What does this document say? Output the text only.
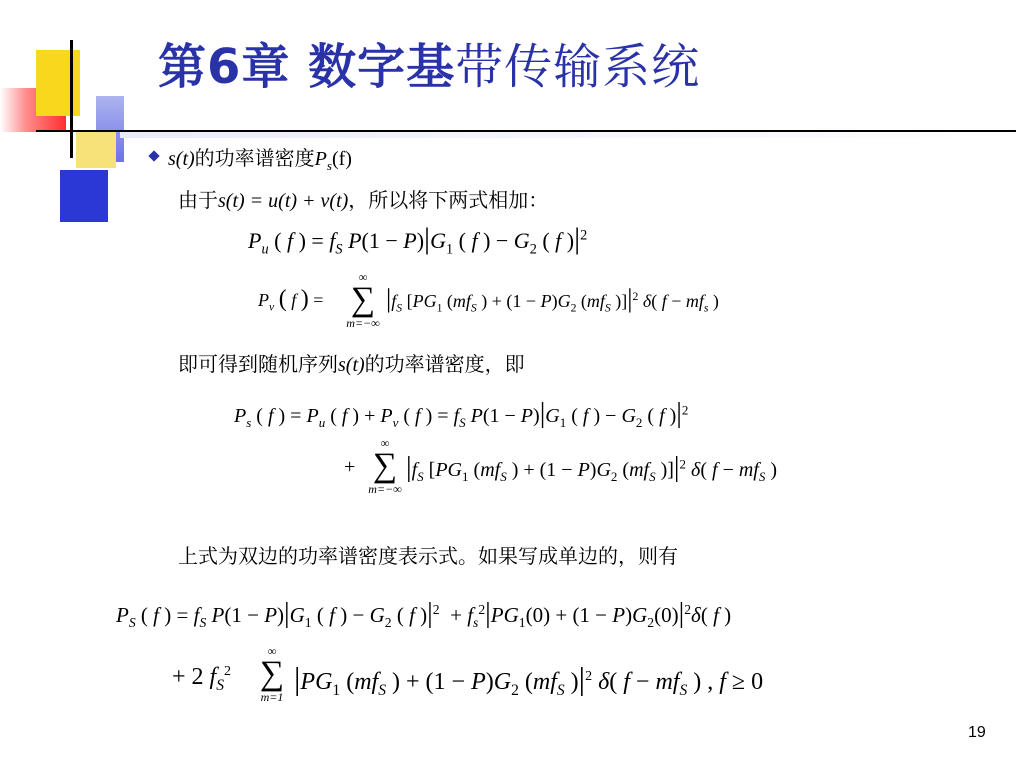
第6章 数字基带传输系统
s(t)的功率谱密度$P_s(f)$
由于s(t) = u(t) + v(t)，所以将下两式相加：
$P_u$ ( f ) = $f_S$ $P(1 - P)|G_1$ ( f ) − $G_2$ ( f )$|^2$
$P_v$ ( f ) =
∞
∑
m=−∞
$|f_S$ [$PG_1$ ($mf_S$ ) + $(1 - P)G_2$ ($mf_S$ )]$|^2$ δ( $f - mf_s$ )
即可得到随机序列s(t)的功率谱密度，即
$P_s$ ( f ) = $P_u$ ( f ) + $P_v$ ( f ) = $f_S$ $P(1 - P)|G_1$ ( f ) − $G_2$ ( f )$|^2$
+
∞
∑
m=−∞
$|f_S$ [$PG_1$ ($mf_S$ ) + $(1 - P)G_2$ ($mf_S$ )]$|^2$ δ( $f - mf_S$ )
上式为双边的功率谱密度表示式。如果写成单边的，则有
$P_S$ ( f ) = $f_S$ $P(1 - P)|G_1$ ( f ) − $G_2$ ( f )$|^2 + f_s^2|PG_1(0) + (1 - P)G_2(0)|^2\delta$( f )
+ 2 $f_S^2$
∞
∑
m=1
$|PG_1$ ($mf_S$ ) + $(1 - P)G_2$ ($mf_S$ )$|^2$ δ( $f - mf_S$ ) , f ≥ 0
19
